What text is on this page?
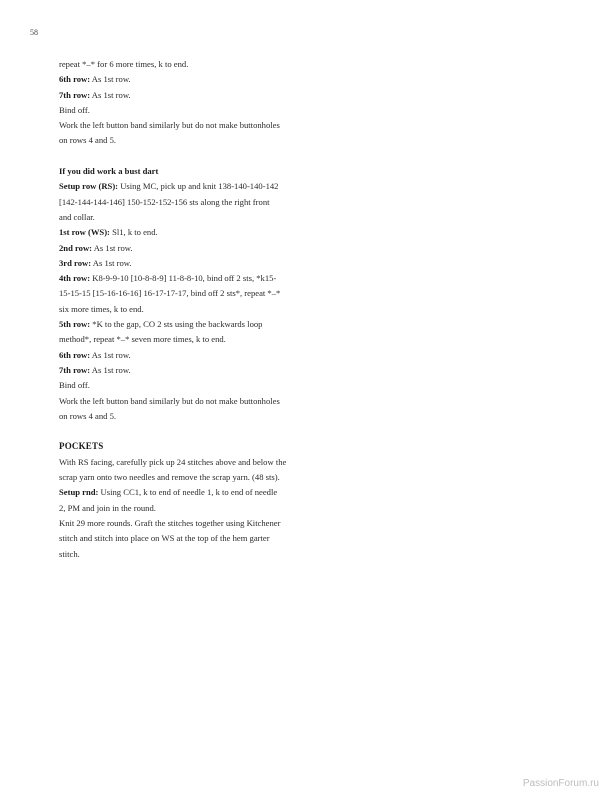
58

repeat *–* for 6 more times, k to end.

6th row: As 1st row.

7th row: As 1st row.

Bind off.

Work the left button band similarly but do not make buttonholes

on rows 4 and 5.

If you did work a bust dart

Setup row (RS): Using MC, pick up and knit 138-140-140-142

[142-144-144-146] 150-152-152-156 sts along the right front

and collar.

1st row (WS): Sl1, k to end.

2nd row: As 1st row.

3rd row: As 1st row.

4th row: K8-9-9-10 [10-8-8-9] 11-8-8-10, bind off 2 sts, *k15-

15-15-15 [15-16-16-16] 16-17-17-17, bind off 2 sts*, repeat *–*

six more times, k to end.

5th row: *K to the gap, CO 2 sts using the backwards loop

method*, repeat *–* seven more times, k to end.

6th row: As 1st row.

7th row: As 1st row.

Bind off.

Work the left button band similarly but do not make buttonholes

on rows 4 and 5.

POCKETS

With RS facing, carefully pick up 24 stitches above and below the

scrap yarn onto two needles and remove the scrap yarn. (48 sts).

Setup rnd: Using CC1, k to end of needle 1, k to end of needle

2, PM and join in the round.

Knit 29 more rounds. Graft the stitches together using Kitchener

stitch and stitch into place on WS at the top of the hem garter

stitch.

PassionForum.ru
